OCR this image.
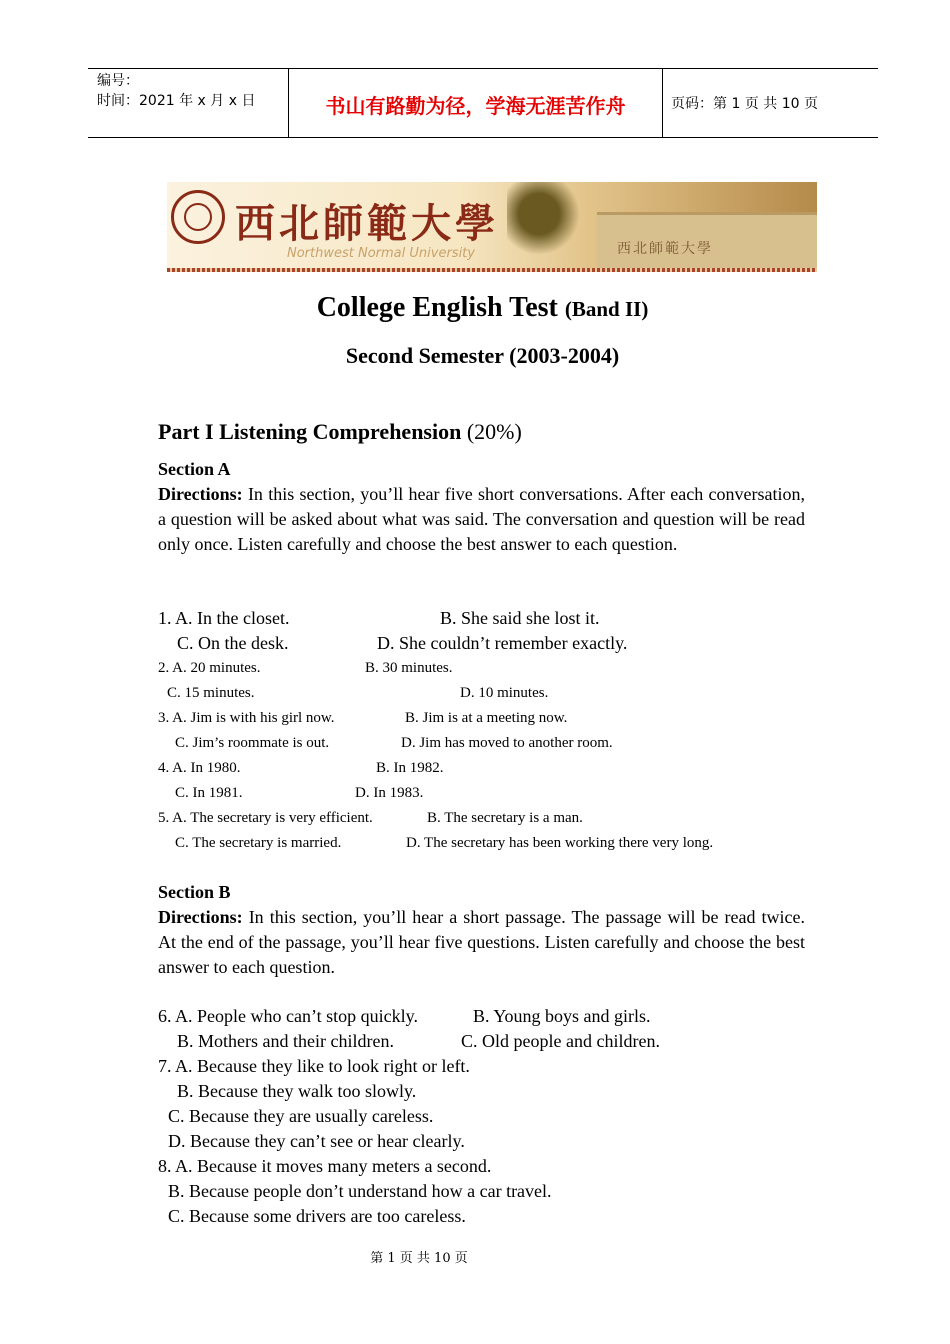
编号：
时间：2021 年 x 月 x 日	书山有路勤为径，学海无涯苦作舟	页码：第 1 页 共 10 页
西北師範大學
西北師範大學
Northwest Normal University
College English Test (Band II)
Second Semester (2003-2004)
Part I Listening Comprehension (20%)
Section A
Directions: In this section, you’ll hear five short conversations. After each conversation, a question will be asked about what was said. The conversation and question will be read only once. Listen carefully and choose the best answer to each question.
1. A. In the closet.	B. She said she lost it.
C. On the desk.	D. She couldn’t remember exactly.
2. A. 20 minutes.	B. 30 minutes.
C. 15 minutes.	D. 10 minutes.
3. A. Jim is with his girl now.	B. Jim is at a meeting now.
C. Jim’s roommate is out.	D. Jim has moved to another room.
4. A. In 1980.	B. In 1982.
C. In 1981.	D. In 1983.
5. A. The secretary is very efficient.	B. The secretary is a man.
C. The secretary is married.	D. The secretary has been working there very long.
Section B
Directions: In this section, you’ll hear a short passage. The passage will be read twice. At the end of the passage, you’ll hear five questions. Listen carefully and choose the best answer to each question.
6. A. People who can’t stop quickly.	B. Young boys and girls.
B. Mothers and their children.	C. Old people and children.
7. A. Because they like to look right or left.
B. Because they walk too slowly.
C. Because they are usually careless.
D. Because they can’t see or hear clearly.
8. A. Because it moves many meters a second.
B. Because people don’t understand how a car travel.
C. Because some drivers are too careless.
第 1 页 共 10 页
